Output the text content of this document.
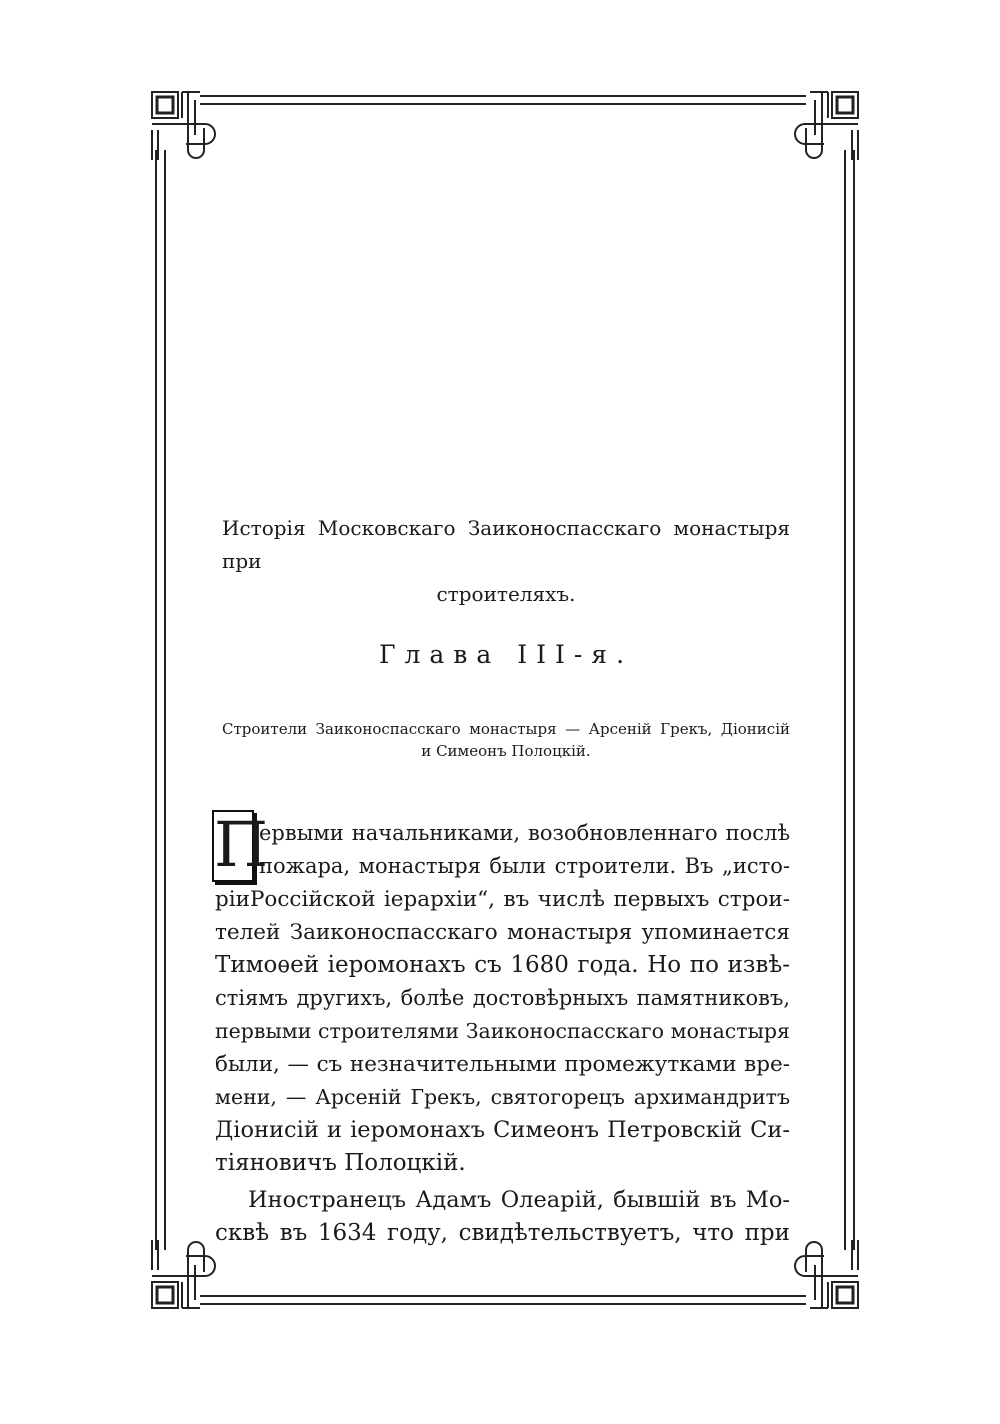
Исторія Московскаго Заиконоспасскаго монастыря при
строителяхъ.
Глава III-я.
Строители Заиконоспасскаго монастыря — Арсеній Грекъ, Діонисій
и Симеонъ Полоцкій.
П
ервыми начальниками, возобновленнаго послѣ
пожара, монастыря были строители. Въ „исто-
ріиРоссійской іерархіи“, въ числѣ первыхъ строи-
телей Заиконоспасскаго монастыря упоминается
Тимоѳей іеромонахъ съ 1680 года. Но по извѣ-
стіямъ другихъ, болѣе достовѣрныхъ памятниковъ,
первыми строителями Заиконоспасскаго монастыря
были, — съ незначительными промежутками вре-
мени, — Арсеній Грекъ, святогорецъ архимандритъ
Діонисій и іеромонахъ Симеонъ Петровскій Си-
тіяновичъ Полоцкій.
Иностранецъ Адамъ Олеарій, бывшій въ Мо-
сквѣ въ 1634 году, свидѣтельствуетъ, что при
